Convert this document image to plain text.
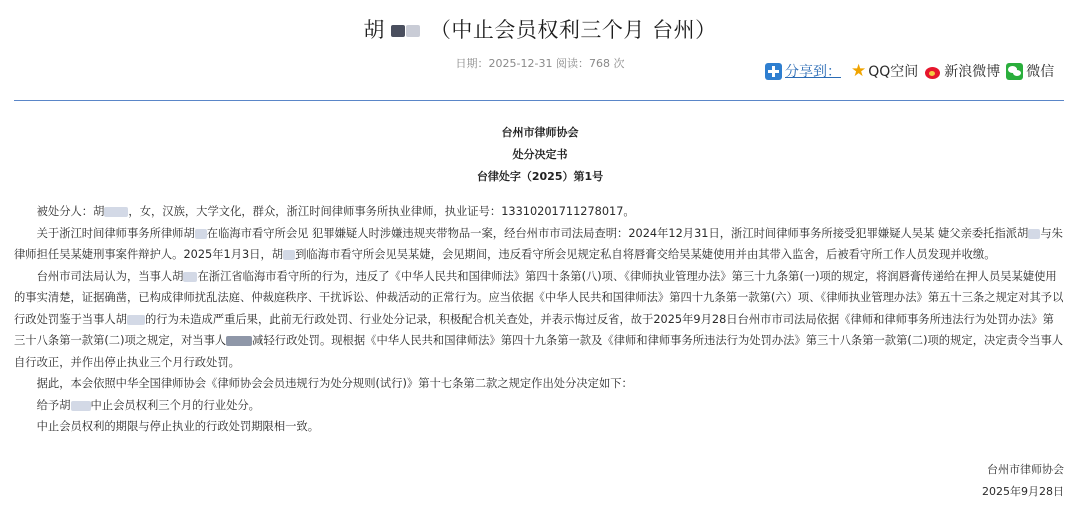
胡 （中止会员权利三个月 台州）
日期：2025-12-31 阅读：768 次
分享到： ★ QQ空间 新浪微博 微信
台州市律师协会
处分决定书
台律处字（2025）第1号

被处分人：胡 ，女，汉族，大学文化，群众，浙江时间律师事务所执业律师，执业证号：13310201711278017。

关于浙江时间律师事务所律师胡 在临海市看守所会见 犯罪嫌疑人时涉嫌违规夹带物品一案，经台州市市司法局查明：2024年12月31日，浙江时间律师事务所接受犯罪嫌疑人吴某 婕父亲委托指派胡 与朱律师担任吴某婕刑事案件辩护人。2025年1月3日，胡 到临海市看守所会见吴某婕，会见期间，违反看守所会见规定私自将唇膏交给吴某婕使用并由其带入监舍，后被看守所工作人员发现并收缴。

台州市司法局认为，当事人胡 在浙江省临海市看守所的行为，违反了《中华人民共和国律师法》第四十条第(八)项、《律师执业管理办法》第三十九条第(一)项的规定，将润唇膏传递给在押人员吴某婕使用的事实清楚，证据确凿，已构成律师扰乱法庭、仲裁庭秩序、干扰诉讼、仲裁活动的正常行为。应当依据《中华人民共和国律师法》第四十九条第一款第(六）项、《律师执业管理办法》第五十三条之规定对其予以行政处罚鉴于当事人胡 的行为未造成严重后果，此前无行政处罚、行业处分记录，积极配合机关查处，并表示悔过反省，故于2025年9月28日台州市市司法局依据《律师和律师事务所违法行为处罚办法》第三十八条第一款第(二)项之规定，对当事人 减轻行政处罚。现根据《中华人民共和国律师法》第四十九条第一款及《律师和律师事务所违法行为处罚办法》第三十八条第一款第(二)项的规定，决定责令当事人自行改正，并作出停止执业三个月行政处罚。

据此，本会依照中华全国律师协会《律师协会会员违规行为处分规则(试行)》第十七条第二款之规定作出处分决定如下：

给予胡 中止会员权利三个月的行业处分。

中止会员权利的期限与停止执业的行政处罚期限相一致。

台州市律师协会
2025年9月28日
